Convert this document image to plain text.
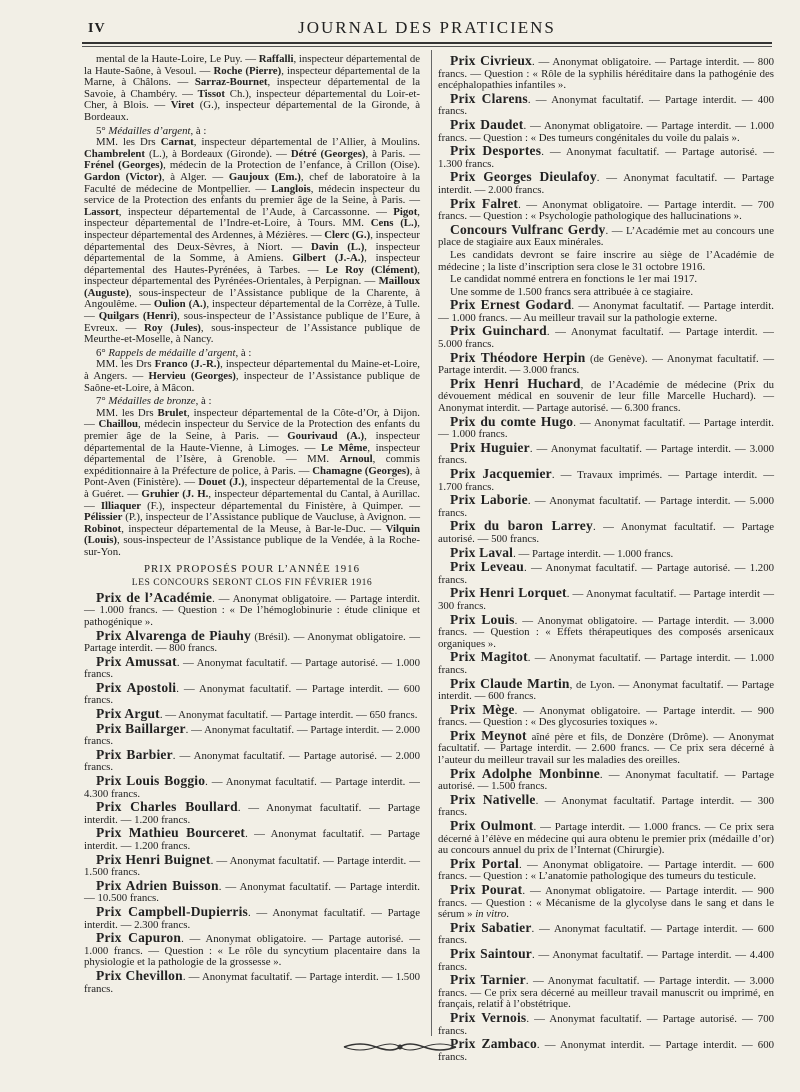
IV	JOURNAL DES PRATICIENS

mental de la Haute-Loire, Le Puy. — Raffalli, inspecteur départemental de la Haute-Saône, à Vesoul. — Roche (Pierre), inspecteur départemental de la Marne, à Châlons. — Sarraz-Bournet, inspecteur départemental de la Savoie, à Chambéry. — Tissot Ch.), inspecteur départemental du Loir-et-Cher, à Blois. — Viret (G.), inspecteur départemental de la Gironde, à Bordeaux.

5° Médailles d’argent, à :

MM. les Drs Carnat, inspecteur départemental de l’Allier, à Moulins. Chambrelent (L.), à Bordeaux (Gironde). — Détré (Georges), à Paris. — Frénel (Georges), médecin de la Protection de l’enfance, à Crillon (Oise). Gardon (Victor), à Alger. — Gaujoux (Em.), chef de laboratoire à la Faculté de médecine de Montpellier. — Langlois, médecin inspecteur du service de la Protection des enfants du premier âge de la Seine, à Paris. — Lassort, inspecteur départemental de l’Aude, à Carcassonne. — Pigot, inspecteur départemental de l’Indre-et-Loire, à Tours. MM. Cens (L.), inspecteur départemental des Ardennes, à Mézières. — Clerc (G.), inspecteur départemental des Deux-Sèvres, à Niort. — Davin (L.), inspecteur départemental de la Somme, à Amiens. Gilbert (J.-A.), inspecteur départemental des Hautes-Pyrénées, à Tarbes. — Le Roy (Clément), inspecteur départemental des Pyrénées-Orientales, à Perpignan. — Mailloux (Auguste), sous-inspecteur de l’Assistance publique de la Charente, à Angoulême. — Oulion (A.), inspecteur départemental de la Corrèze, à Tulle. — Quilgars (Henri), sous-inspecteur de l’Assistance publique de l’Eure, à Evreux. — Roy (Jules), sous-inspecteur de l’Assistance publique de Meurthe-et-Moselle, à Nancy.

6° Rappels de médaille d’argent, à :

MM. les Drs Franco (J.-R.), inspecteur départemental du Maine-et-Loire, à Angers. — Hervieu (Georges), inspecteur de l’Assistance publique de Saône-et-Loire, à Mâcon.

7° Médailles de bronze, à :

MM. les Drs Brulet, inspecteur départemental de la Côte-d’Or, à Dijon. — Chaillou, médecin inspecteur du Service de la Protection des enfants du premier âge de la Seine, à Paris. — Gourivaud (A.), inspecteur départemental de la Haute-Vienne, à Limoges. — Le Même, inspecteur départemental de l’Isère, à Grenoble. — MM. Arnoul, commis expéditionnaire à la Préfecture de police, à Paris. — Chamagne (Georges), à Pont-Aven (Finistère). — Douet (J.), inspecteur départemental de la Creuse, à Guéret. — Gruhier (J. H., inspecteur départemental du Cantal, à Aurillac. — Illiaquer (F.), inspecteur départemental du Finistère, à Quimper. — Pélissier (P.), inspecteur de l’Assistance publique de Vaucluse, à Avignon. — Robinot, inspecteur départemental de la Meuse, à Bar-le-Duc. — Vilquin (Louis), sous-inspecteur de l’Assistance publique de la Vendée, à la Roche-sur-Yon.

PRIX PROPOSÉS POUR L’ANNÉE 1916

LES CONCOURS SERONT CLOS FIN FÉVRIER 1916

Prix de l’Académie. — Anonymat obligatoire. — Partage interdit. — 1.000 francs. — Question : « De l’hémoglobinurie : étude clinique et pathogénique ».

Prix Alvarenga de Piauhy (Brésil). — Anonymat obligatoire. — Partage interdit. — 800 francs.

Prix Amussat. — Anonymat facultatif. — Partage autorisé. — 1.000 francs.

Prix Apostoli. — Anonymat facultatif. — Partage interdit. — 600 francs.

Prix Argut. — Anonymat facultatif. — Partage interdit. — 650 francs.

Prix Baillarger. — Anonymat facultatif. — Partage interdit. — 2.000 francs.

Prix Barbier. — Anonymat facultatif. — Partage autorisé. — 2.000 francs.

Prix Louis Boggio. — Anonymat facultatif. — Partage interdit. — 4.300 francs.

Prix Charles Boullard. — Anonymat facultatif. — Partage interdit. — 1.200 francs.

Prix Mathieu Bourceret. — Anonymat facultatif. — Partage interdit. — 1.200 francs.

Prix Henri Buignet. — Anonymat facultatif. — Partage interdit. — 1.500 francs.

Prix Adrien Buisson. — Anonymat facultatif. — Partage interdit. — 10.500 francs.

Prix Campbell-Dupierris. — Anonymat facultatif. — Partage interdit. — 2.300 francs.

Prix Capuron. — Anonymat obligatoire. — Partage autorisé. — 1.000 francs. — Question : « Le rôle du syncytium placentaire dans la physiologie et la pathologie de la grossesse ».

Prix Chevillon. — Anonymat facultatif. — Partage interdit. — 1.500 francs.

Prix Civrieux. — Anonymat obligatoire. — Partage interdit. — 800 francs. — Question : « Rôle de la syphilis héréditaire dans la pathogénie des encéphalopathies infantiles ».

Prix Clarens. — Anonymat facultatif. — Partage interdit. — 400 francs.

Prix Daudet. — Anonymat obligatoire. — Partage interdit. — 1.000 francs. — Question : « Des tumeurs congénitales du voile du palais ».

Prix Desportes. — Anonymat facultatif. — Partage autorisé. — 1.300 francs.

Prix Georges Dieulafoy. — Anonymat facultatif. — Partage interdit. — 2.000 francs.

Prix Falret. — Anonymat obligatoire. — Partage interdit. — 700 francs. — Question : « Psychologie pathologique des hallucinations ».

Concours Vulfranc Gerdy. — L’Académie met au concours une place de stagiaire aux Eaux minérales.

Les candidats devront se faire inscrire au siège de l’Académie de médecine ; la liste d’inscription sera close le 31 octobre 1916.

Le candidat nommé entrera en fonctions le 1er mai 1917.

Une somme de 1.500 francs sera attribuée à ce stagiaire.

Prix Ernest Godard. — Anonymat facultatif. — Partage interdit. — 1.000 francs. — Au meilleur travail sur la pathologie externe.

Prix Guinchard. — Anonymat facultatif. — Partage interdit. — 5.000 francs.

Prix Théodore Herpin (de Genève). — Anonymat facultatif. — Partage interdit. — 3.000 francs.

Prix Henri Huchard, de l’Académie de médecine (Prix du dévouement médical en souvenir de leur fille Marcelle Huchard). — Anonymat interdit. — Partage autorisé. — 6.300 francs.

Prix du comte Hugo. — Anonymat facultatif. — Partage interdit. — 1.000 francs.

Prix Huguier. — Anonymat facultatif. — Partage interdit. — 3.000 francs.

Prix Jacquemier. — Travaux imprimés. — Partage interdit. — 1.700 francs.

Prix Laborie. — Anonymat facultatif. — Partage interdit. — 5.000 francs.

Prix du baron Larrey. — Anonymat facultatif. — Partage autorisé. — 500 francs.

Prix Laval. — Partage interdit. — 1.000 francs.

Prix Leveau. — Anonymat facultatif. — Partage autorisé. — 1.200 francs.

Prix Henri Lorquet. — Anonymat facultatif. — Partage interdit — 300 francs.

Prix Louis. — Anonymat obligatoire. — Partage interdit. — 3.000 francs. — Question : « Effets thérapeutiques des composés arsenicaux organiques ».

Prix Magitot. — Anonymat facultatif. — Partage interdit. — 1.000 francs.

Prix Claude Martin, de Lyon. — Anonymat facultatif. — Partage interdit. — 600 francs.

Prix Mège. — Anonymat obligatoire. — Partage interdit. — 900 francs. — Question : « Des glycosuries toxiques ».

Prix Meynot aîné père et fils, de Donzère (Drôme). — Anonymat facultatif. — Partage interdit. — 2.600 francs. — Ce prix sera décerné à l’auteur du meilleur travail sur les maladies des oreilles.

Prix Adolphe Monbinne. — Anonymat facultatif. — Partage autorisé. — 1.500 francs.

Prix Nativelle. — Anonymat facultatif. Partage interdit. — 300 francs.

Prix Oulmont. — Partage interdit. — 1.000 francs. — Ce prix sera décerné à l’élève en médecine qui aura obtenu le premier prix (médaille d’or) au concours annuel du prix de l’Internat (Chirurgie).

Prix Portal. — Anonymat obligatoire. — Partage interdit. — 600 francs. — Question : « L’anatomie pathologique des tumeurs du testicule.

Prix Pourat. — Anonymat obligatoire. — Partage interdit. — 900 francs. — Question : « Mécanisme de la glycolyse dans le sang et dans le sérum » in vitro.

Prix Sabatier. — Anonymat facultatif. — Partage interdit. — 600 francs.

Prix Saintour. — Anonymat facultatif. — Partage interdit. — 4.400 francs.

Prix Tarnier. — Anonymat facultatif. — Partage interdit. — 3.000 francs. — Ce prix sera décerné au meilleur travail manuscrit ou imprimé, en français, relatif à l’obstétrique.

Prix Vernois. — Anonymat facultatif. — Partage autorisé. — 700 francs.

Prix Zambaco. — Anonymat interdit. — Partage interdit. — 600 francs.
